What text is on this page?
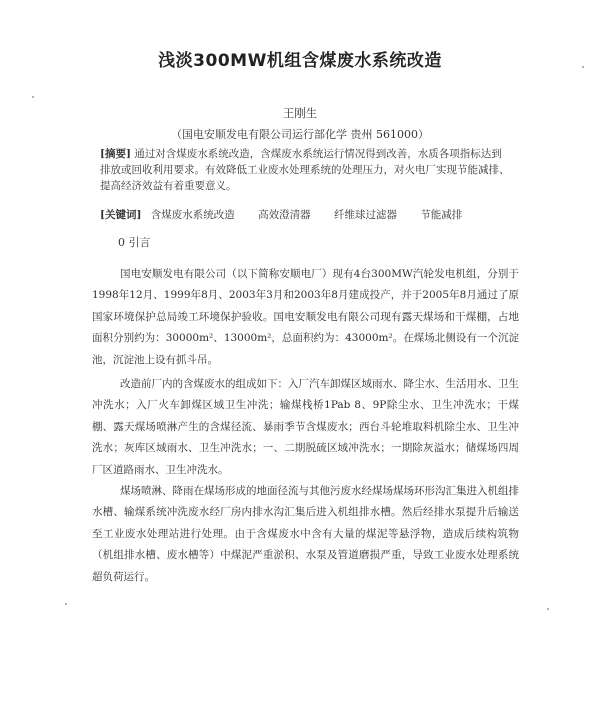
浅淡300MW机组含煤废水系统改造
王刚生
（国电安顺发电有限公司运行部化学 贵州 561000）
[摘要] 通过对含煤废水系统改造，含煤废水系统运行情况得到改善，水质各项指标达到排放或回收利用要求。有效降低工业废水处理系统的处理压力，对火电厂实现节能减排、提高经济效益有着重要意义。
[关键词] 含煤废水系统改造 高效澄清器 纤维球过滤器 节能减排
0 引言

国电安顺发电有限公司（以下简称安顺电厂）现有4台300MW汽轮发电机组，分别于1998年12月、1999年8月、2003年3月和2003年8月建成投产，并于2005年8月通过了原国家环境保护总局竣工环境保护验收。国电安顺发电有限公司现有露天煤场和干煤棚，占地面积分别约为：30000m²、13000m²，总面积约为：43000m²。在煤场北侧设有一个沉淀池，沉淀池上设有抓斗吊。

改造前厂内的含煤废水的组成如下：入厂汽车卸煤区域雨水、降尘水、生活用水、卫生冲洗水；入厂火车卸煤区域卫生冲洗；输煤栈桥1Pab 8、9P除尘水、卫生冲洗水；干煤棚、露天煤场喷淋产生的含煤径流、暴雨季节含煤废水；西台斗轮堆取料机除尘水、卫生冲洗水；灰库区域雨水、卫生冲洗水；一、二期脱硫区域冲洗水；一期除灰溢水；储煤场四周厂区道路雨水、卫生冲洗水。

煤场喷淋、降雨在煤场形成的地面径流与其他污废水经煤场煤场环形沟汇集进入机组排水槽、输煤系统冲洗废水经厂房内排水沟汇集后进入机组排水槽。然后经排水泵提升后输送至工业废水处理站进行处理。由于含煤废水中含有大量的煤泥等悬浮物，造成后续构筑物（机组排水槽、废水槽等）中煤泥严重淤积、水泵及管道磨损严重，导致工业废水处理系统超负荷运行。
